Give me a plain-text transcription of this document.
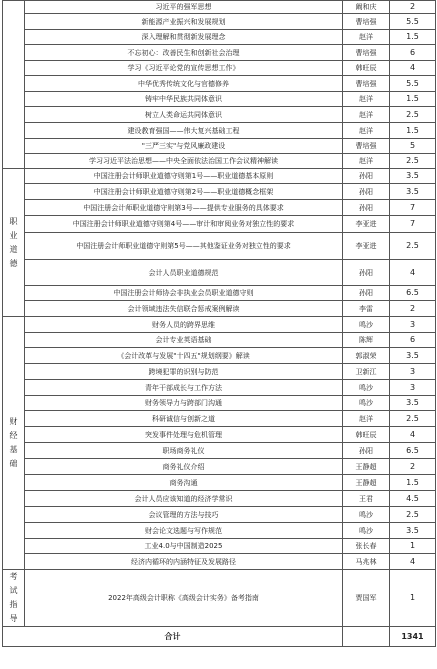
	习近平的强军思想	阚和庆	2
	新能源产业振兴和发展规划	曹培强	5.5
	深入理解和贯彻新发展理念	赵洋	1.5
	不忘初心：改善民生和创新社会治理	曹培强	6
	学习《习近平论党的宣传思想工作》	韩旺辰	4
	中华优秀传统文化与官德修养	曹培强	5.5
	铸牢中华民族共同体意识	赵洋	1.5
	树立人类命运共同体意识	赵洋	2.5
	建设教育强国——伟大复兴基础工程	赵洋	1.5
	"三严三实"与党风廉政建设	曹培强	5
	学习习近平法治思想——中央全面依法治国工作会议精神解读	赵洋	2.5

职
业
道
德	中国注册会计师职业道德守则第1号——职业道德基本原则	孙阳	3.5
	中国注册会计师职业道德守则第2号——职业道德概念框架	孙阳	3.5
	中国注册会计师职业道德守则第3号——提供专业服务的具体要求	孙阳	7
	中国注册会计师职业道德守则第4号——审计和审阅业务对独立性的要求	李亚进	7
	中国注册会计师职业道德守则第5号——其他鉴证业务对独立性的要求	李亚进	2.5
	会计人员职业道德规范	孙阳	4
	中国注册会计师协会非执业会员职业道德守则	孙阳	6.5
	会计领域违法失信联合惩戒案例解读	李雷	2

财
经
基
础	财务人员的跨界思维	鸣沙	3
	会计专业英语基础	陈辉	6
	《会计改革与发展"十四五"规划纲要》解读	郭淑荣	3.5
	跨境犯罪的识别与防范	卫新江	3
	青年干部成长与工作方法	鸣沙	3
	财务领导力与跨部门沟通	鸣沙	3.5
	科研诚信与创新之道	赵洋	2.5
	突发事件处理与危机管理	韩旺辰	4
	职场商务礼仪	孙阳	6.5
	商务礼仪介绍	王静超	2
	商务沟通	王静超	1.5
	会计人员应该知道的经济学常识	王君	4.5
	会议管理的方法与技巧	鸣沙	2.5
	财会论文选题与写作规范	鸣沙	3.5
	工业4.0与中国制造2025	张长春	1
	经济内循环的内涵特征及发展路径	马兆林	4

考
试
指
导	2022年高级会计职称《高级会计实务》备考指南	贾国军	1
合计			1341
